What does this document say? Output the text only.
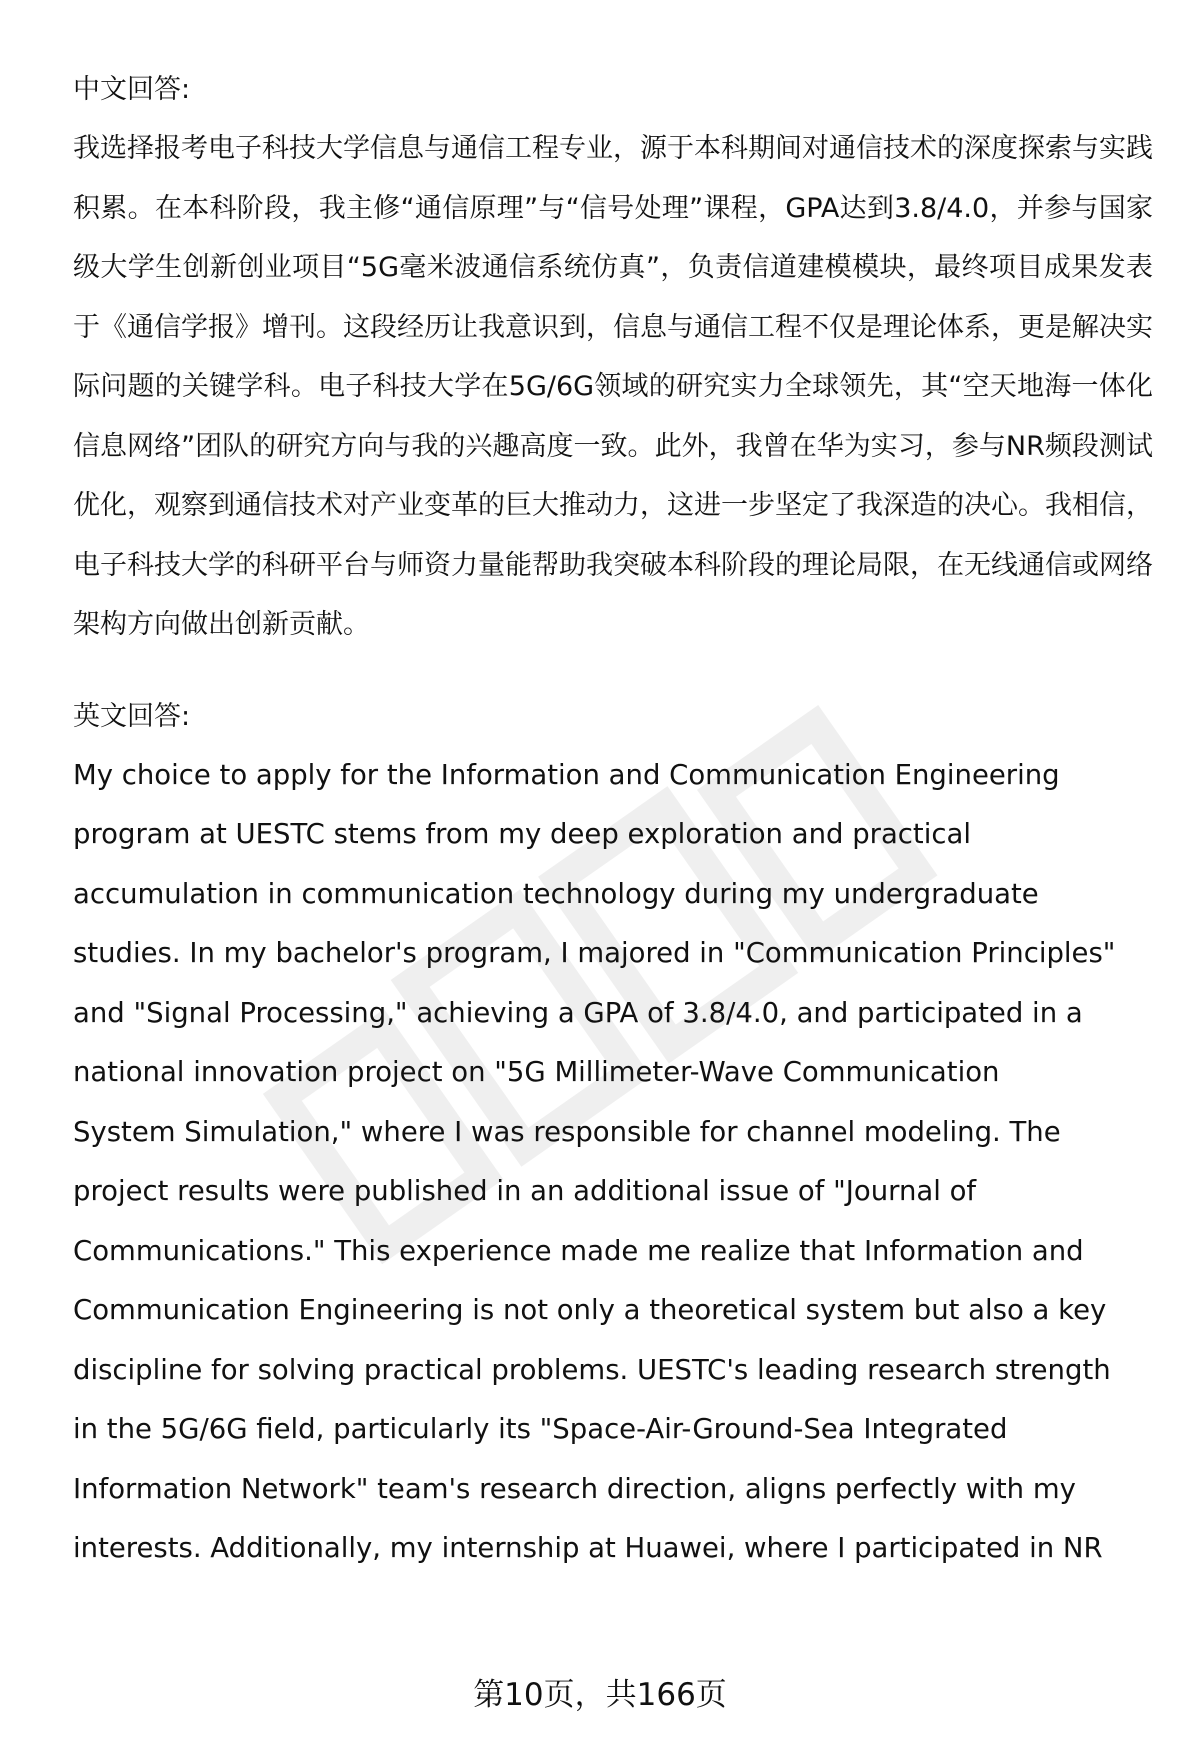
中文回答:

我选择报考电子科技大学信息与通信工程专业，源于本科期间对通信技术的深度探索与实践积累。在本科阶段，我主修“通信原理”与“信号处理”课程，GPA达到3.8/4.0，并参与国家级大学生创新创业项目“5G毫米波通信系统仿真”，负责信道建模模块，最终项目成果发表于《通信学报》增刊。这段经历让我意识到，信息与通信工程不仅是理论体系，更是解决实际问题的关键学科。电子科技大学在5G/6G领域的研究实力全球领先，其“空天地海一体化信息网络”团队的研究方向与我的兴趣高度一致。此外，我曾在华为实习，参与NR频段测试优化，观察到通信技术对产业变革的巨大推动力，这进一步坚定了我深造的决心。我相信，电子科技大学的科研平台与师资力量能帮助我突破本科阶段的理论局限，在无线通信或网络架构方向做出创新贡献。

英文回答:

My choice to apply for the Information and Communication Engineering
program at UESTC stems from my deep exploration and practical
accumulation in communication technology during my undergraduate
studies. In my bachelor's program, I majored in "Communication Principles"
and "Signal Processing," achieving a GPA of 3.8/4.0, and participated in a
national innovation project on "5G Millimeter-Wave Communication
System Simulation," where I was responsible for channel modeling. The
project results were published in an additional issue of "Journal of
Communications." This experience made me realize that Information and
Communication Engineering is not only a theoretical system but also a key
discipline for solving practical problems. UESTC's leading research strength
in the 5G/6G field, particularly its "Space-Air-Ground-Sea Integrated
Information Network" team's research direction, aligns perfectly with my
interests. Additionally, my internship at Huawei, where I participated in NR

第10页，共166页
